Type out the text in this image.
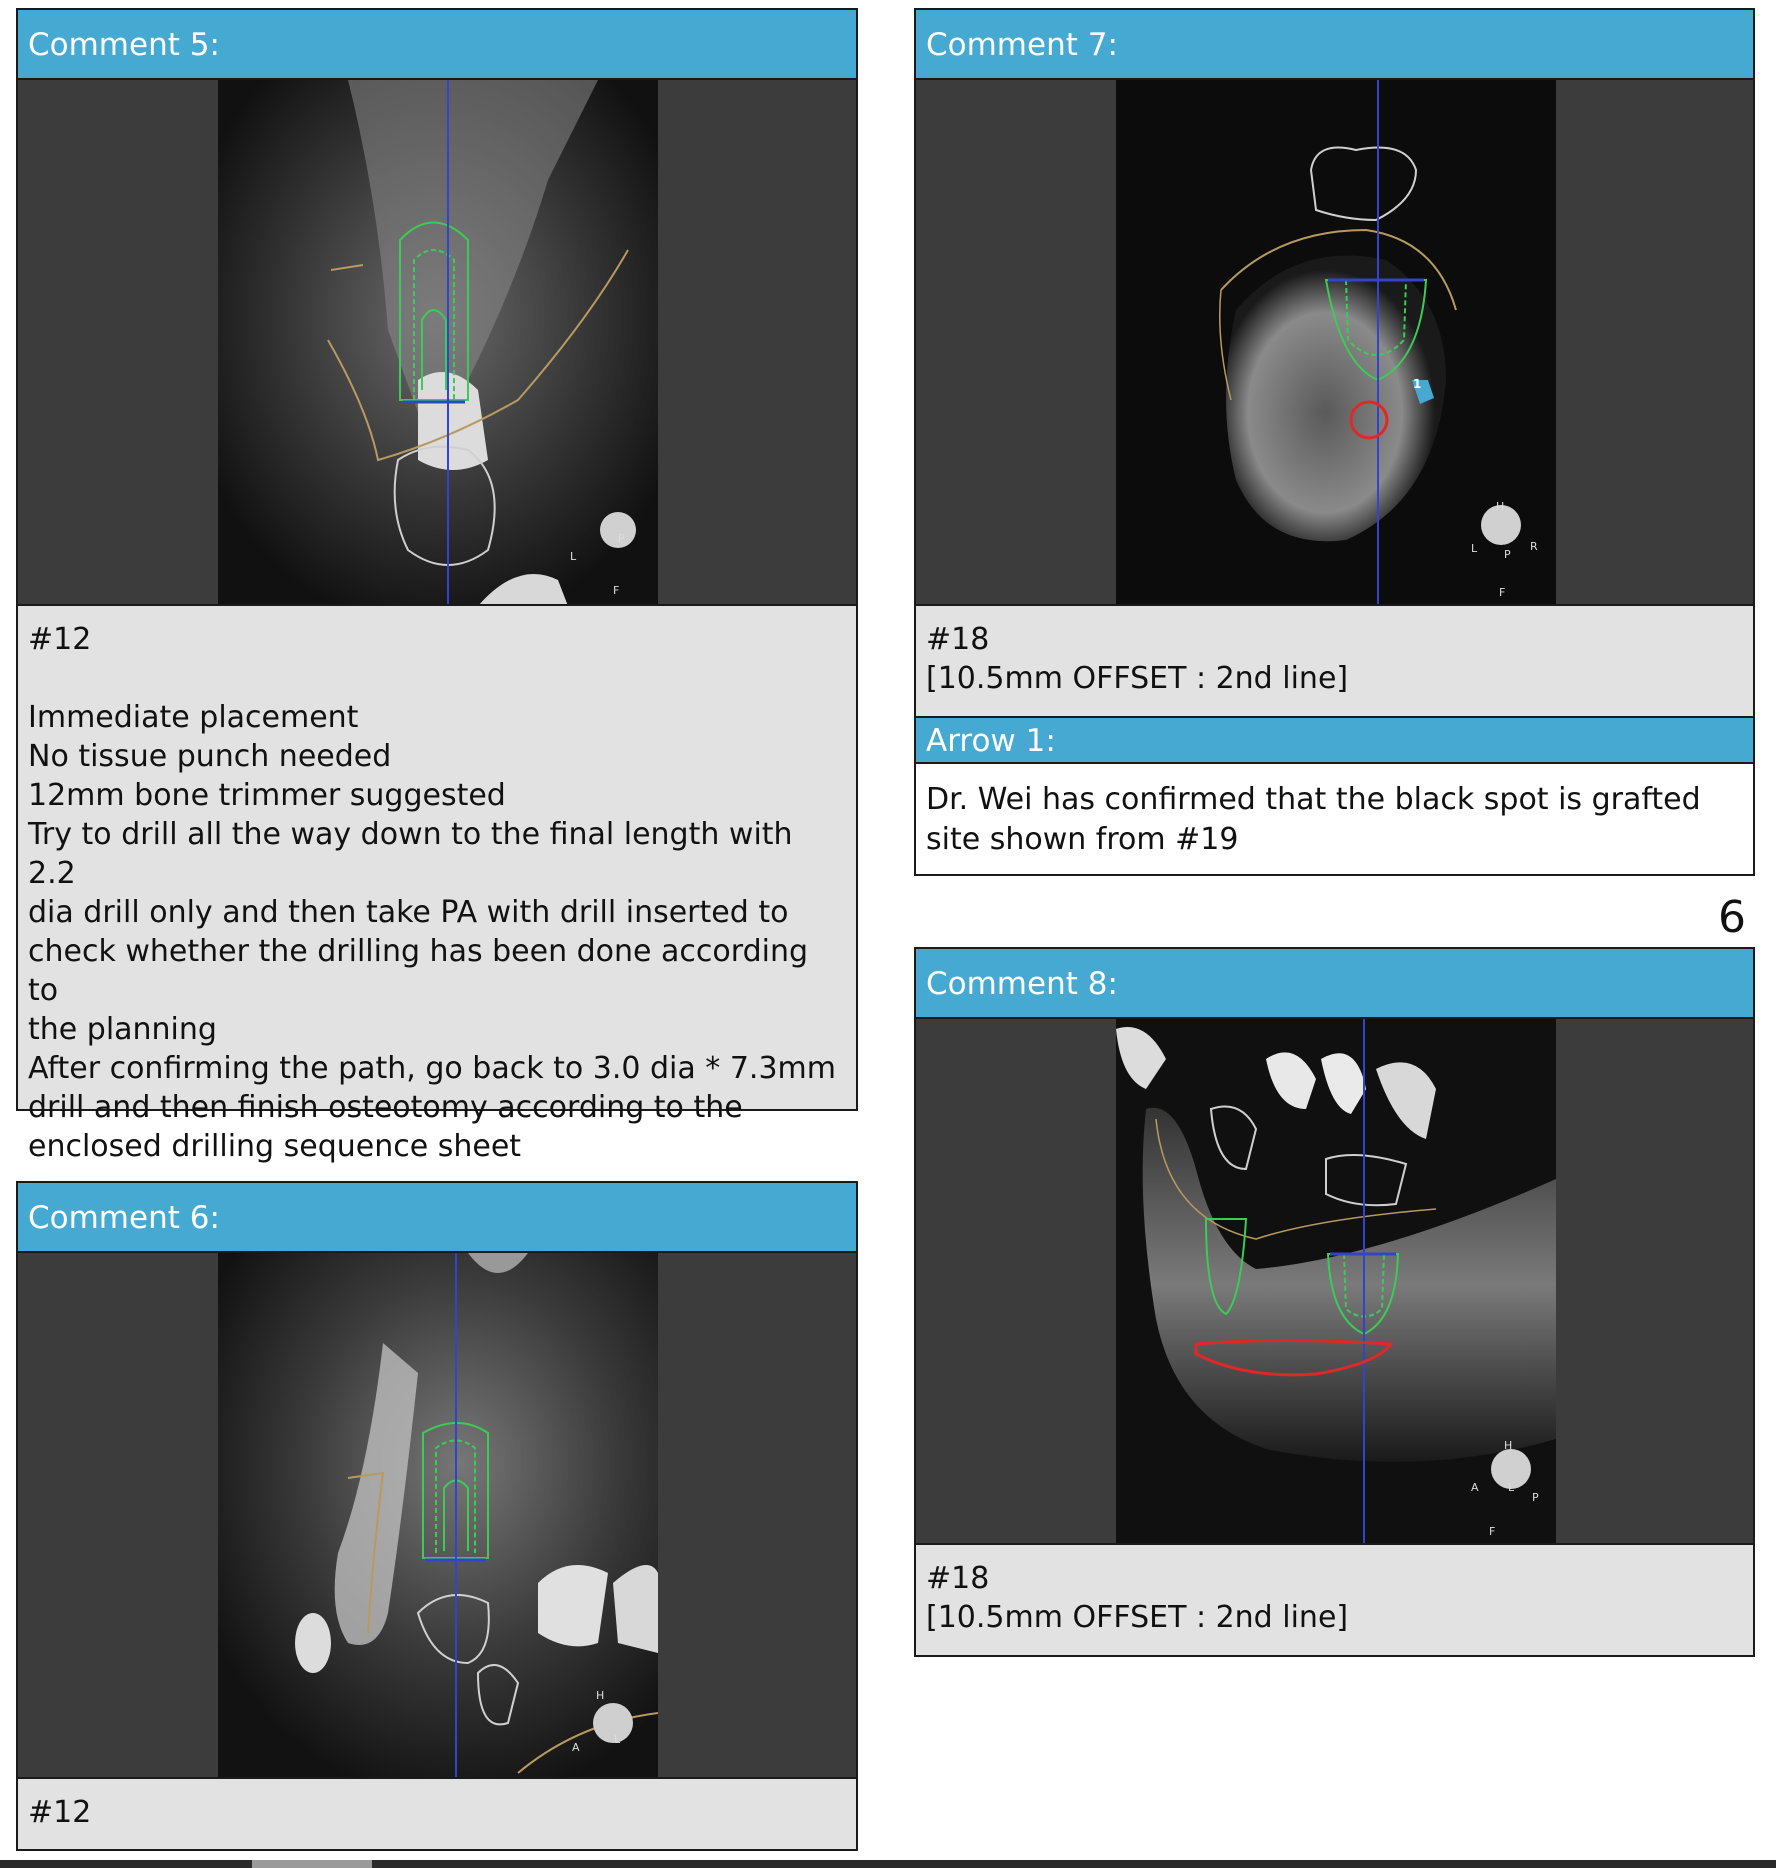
Comment 5:
L
P
F
#12
Immediate placement
No tissue punch needed
12mm bone trimmer suggested
Try to drill all the way down to the final length with 2.2
dia drill only and then take PA with drill inserted to
check whether the drilling has been done according to
the planning
After confirming the path, go back to 3.0 dia * 7.3mm
drill and then finish osteotomy according to the
enclosed drilling sequence sheet
Comment 6:
H
A
L
#12
Comment 7:
1
H
L P
R
F
#18
[10.5mm OFFSET : 2nd line]
Arrow 1:
Dr. Wei has confirmed that the black spot is grafted
site shown from #19
6
Comment 8:
H
A	L
P
F
#18
[10.5mm OFFSET : 2nd line]
